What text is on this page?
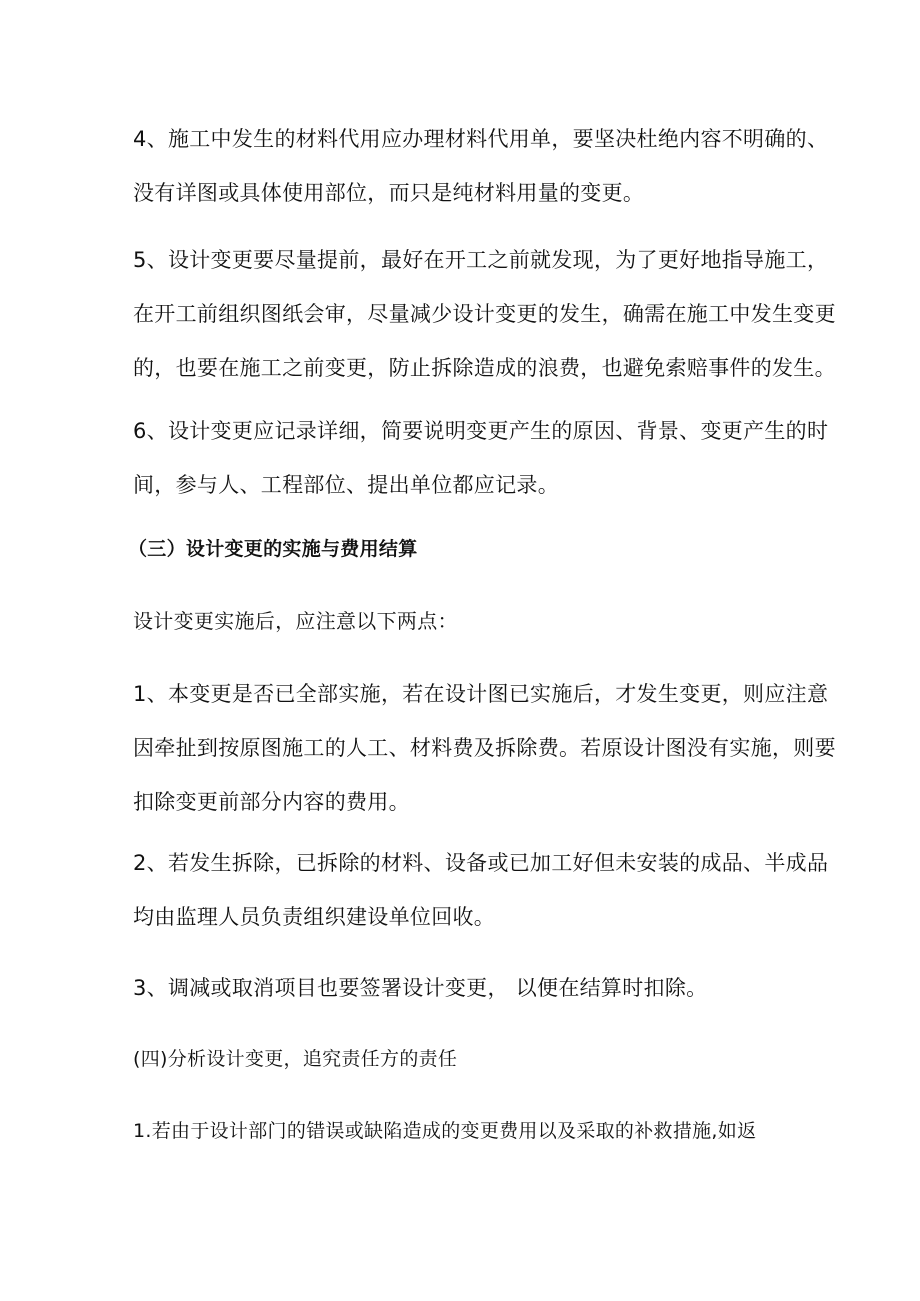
4、施工中发生的材料代用应办理材料代用单，要坚决杜绝内容不明确的、
没有详图或具体使用部位，而只是纯材料用量的变更。
5、设计变更要尽量提前，最好在开工之前就发现，为了更好地指导施工，
在开工前组织图纸会审，尽量减少设计变更的发生，确需在施工中发生变更
的，也要在施工之前变更，防止拆除造成的浪费，也避免索赔事件的发生。
6、设计变更应记录详细，简要说明变更产生的原因、背景、变更产生的时
间，参与人、工程部位、提出单位都应记录。
（三）设计变更的实施与费用结算
设计变更实施后，应注意以下两点：
1、本变更是否已全部实施，若在设计图已实施后，才发生变更，则应注意
因牵扯到按原图施工的人工、材料费及拆除费。若原设计图没有实施，则要
扣除变更前部分内容的费用。
2、若发生拆除，已拆除的材料、设备或已加工好但未安装的成品、半成品
均由监理人员负责组织建设单位回收。
3、调减或取消项目也要签署设计变更， 以便在结算时扣除。
(四)分析设计变更，追究责任方的责任
1.若由于设计部门的错误或缺陷造成的变更费用以及采取的补救措施,如返
